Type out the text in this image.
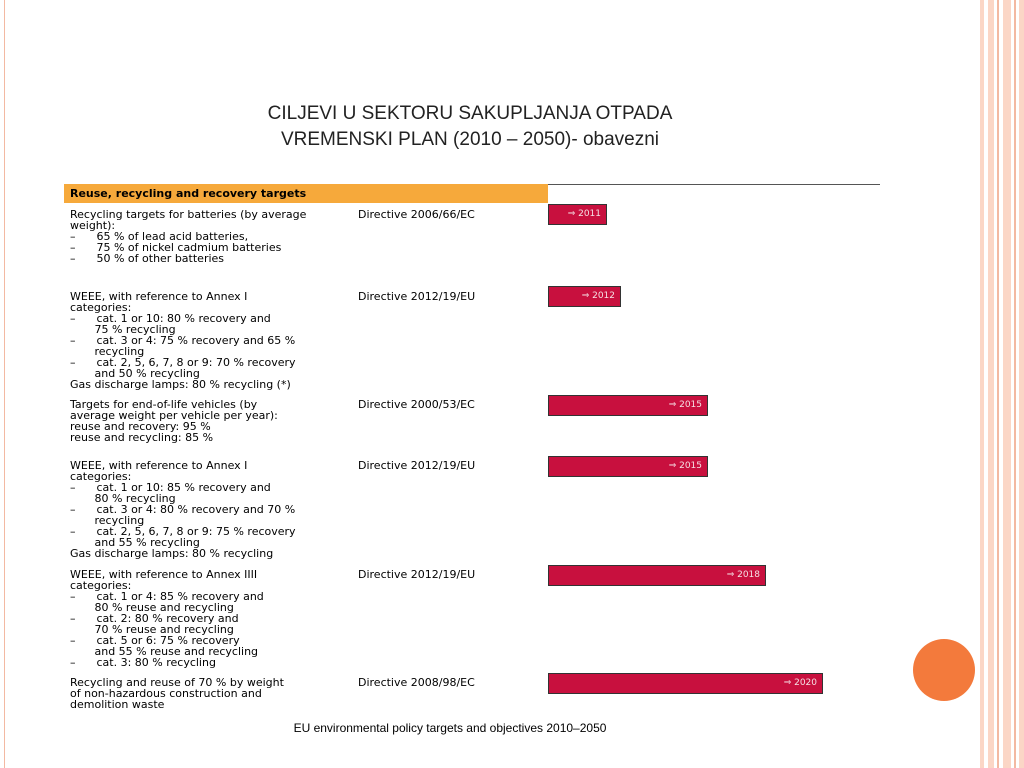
CILJEVI U SEKTORU SAKUPLJANJA OTPADA
VREMENSKI PLAN (2010 – 2050)- obavezni
Reuse, recycling and recovery targets
Recycling targets for batteries (by average
weight):
–      65 % of lead acid batteries,
–      75 % of nickel cadmium batteries
–      50 % of other batteries
Directive 2006/66/EC	⇒ 2011
WEEE, with reference to Annex I
categories:
–      cat. 1 or 10: 80 % recovery and
75 % recycling
–      cat. 3 or 4: 75 % recovery and 65 %
recycling
–      cat. 2, 5, 6, 7, 8 or 9: 70 % recovery
and 50 % recycling
Gas discharge lamps: 80 % recycling (*)
Directive 2012/19/EU	⇒ 2012
Targets for end-of-life vehicles (by
average weight per vehicle per year):
reuse and recovery: 95 %
reuse and recycling: 85 %
Directive 2000/53/EC	⇒ 2015
WEEE, with reference to Annex I
categories:
–      cat. 1 or 10: 85 % recovery and
80 % recycling
–      cat. 3 or 4: 80 % recovery and 70 %
recycling
–      cat. 2, 5, 6, 7, 8 or 9: 75 % recovery
and 55 % recycling
Gas discharge lamps: 80 % recycling
Directive 2012/19/EU	⇒ 2015
WEEE, with reference to Annex IIII
categories:
–      cat. 1 or 4: 85 % recovery and
80 % reuse and recycling
–      cat. 2: 80 % recovery and
70 % reuse and recycling
–      cat. 5 or 6: 75 % recovery
and 55 % reuse and recycling
–      cat. 3: 80 % recycling
Directive 2012/19/EU	⇒ 2018
Recycling and reuse of 70 % by weight
of non-hazardous construction and
demolition waste
Directive 2008/98/EC	⇒ 2020
EU environmental policy targets and objectives 2010–2050
